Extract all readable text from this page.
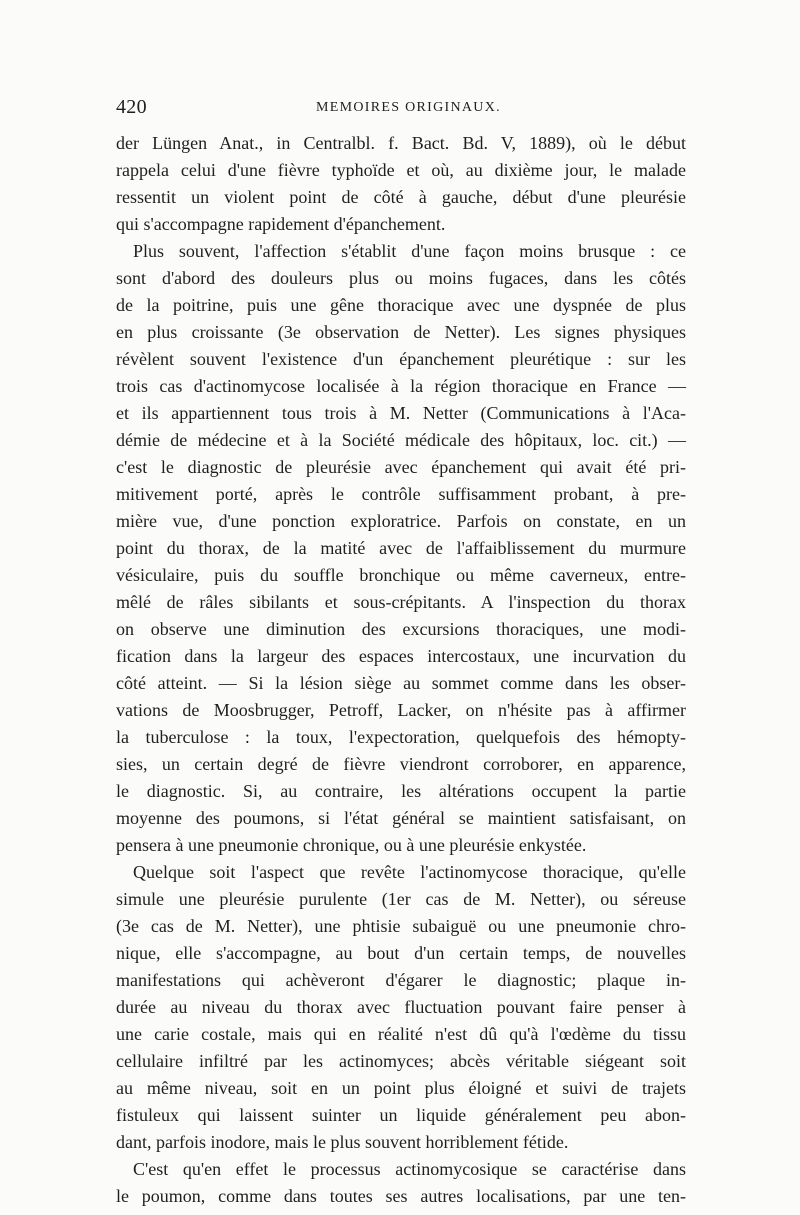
420	MEMOIRES ORIGINAUX.
der Lüngen Anat., in Centralbl. f. Bact. Bd. V, 1889), où le début
rappela celui d'une fièvre typhoïde et où, au dixième jour, le malade
ressentit un violent point de côté à gauche, début d'une pleurésie
qui s'accompagne rapidement d'épanchement.
Plus souvent, l'affection s'établit d'une façon moins brusque : ce
sont d'abord des douleurs plus ou moins fugaces, dans les côtés
de la poitrine, puis une gêne thoracique avec une dyspnée de plus
en plus croissante (3e observation de Netter). Les signes physiques
révèlent souvent l'existence d'un épanchement pleurétique : sur les
trois cas d'actinomycose localisée à la région thoracique en France —
et ils appartiennent tous trois à M. Netter (Communications à l'Aca-
démie de médecine et à la Société médicale des hôpitaux, loc. cit.) —
c'est le diagnostic de pleurésie avec épanchement qui avait été pri-
mitivement porté, après le contrôle suffisamment probant, à pre-
mière vue, d'une ponction exploratrice. Parfois on constate, en un
point du thorax, de la matité avec de l'affaiblissement du murmure
vésiculaire, puis du souffle bronchique ou même caverneux, entre-
mêlé de râles sibilants et sous-crépitants. A l'inspection du thorax
on observe une diminution des excursions thoraciques, une modi-
fication dans la largeur des espaces intercostaux, une incurvation du
côté atteint. — Si la lésion siège au sommet comme dans les obser-
vations de Moosbrugger, Petroff, Lacker, on n'hésite pas à affirmer
la tuberculose : la toux, l'expectoration, quelquefois des hémopty-
sies, un certain degré de fièvre viendront corroborer, en apparence,
le diagnostic. Si, au contraire, les altérations occupent la partie
moyenne des poumons, si l'état général se maintient satisfaisant, on
pensera à une pneumonie chronique, ou à une pleurésie enkystée.
Quelque soit l'aspect que revête l'actinomycose thoracique, qu'elle
simule une pleurésie purulente (1er cas de M. Netter), ou séreuse
(3e cas de M. Netter), une phtisie subaiguë ou une pneumonie chro-
nique, elle s'accompagne, au bout d'un certain temps, de nouvelles
manifestations qui achèveront d'égarer le diagnostic; plaque in-
durée au niveau du thorax avec fluctuation pouvant faire penser à
une carie costale, mais qui en réalité n'est dû qu'à l'œdème du tissu
cellulaire infiltré par les actinomyces; abcès véritable siégeant soit
au même niveau, soit en un point plus éloigné et suivi de trajets
fistuleux qui laissent suinter un liquide généralement peu abon-
dant, parfois inodore, mais le plus souvent horriblement fétide.
C'est qu'en effet le processus actinomycosique se caractérise dans
le poumon, comme dans toutes ses autres localisations, par une ten-
